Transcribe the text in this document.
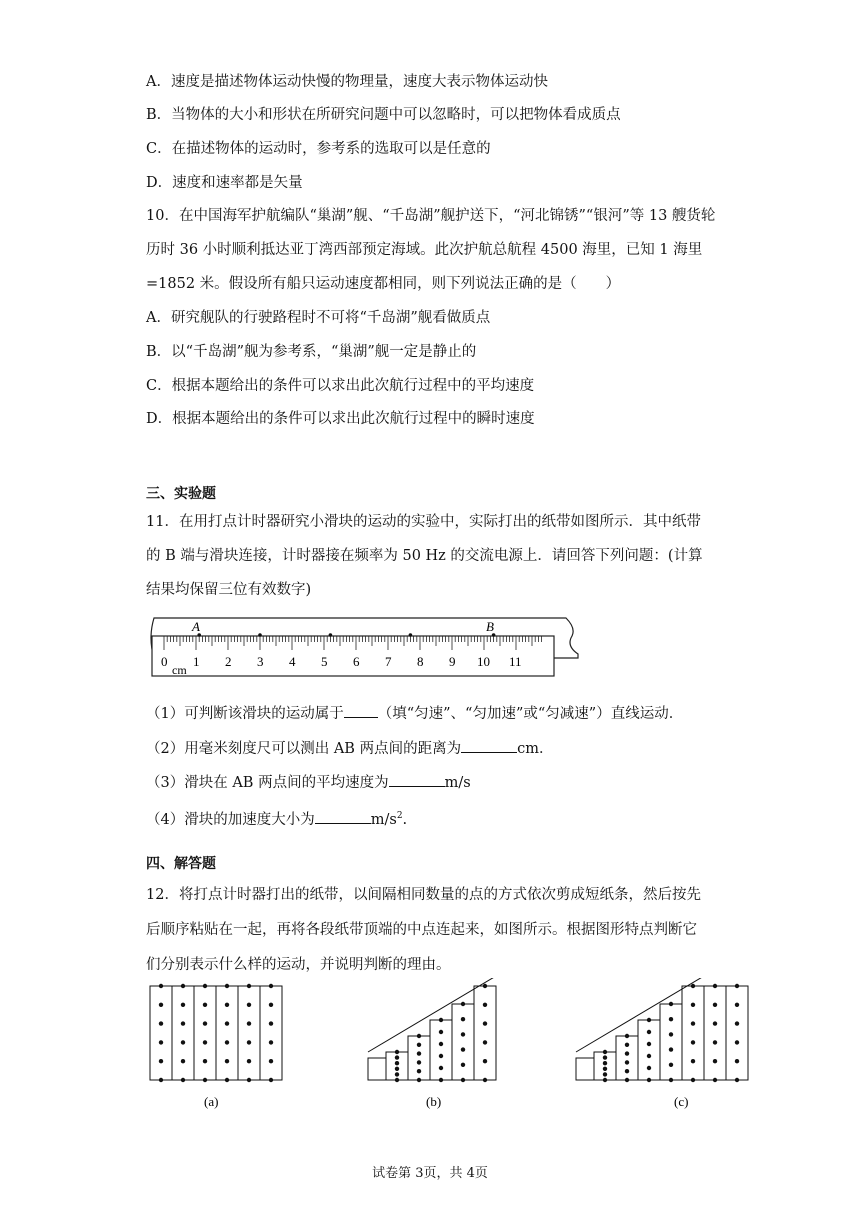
A．速度是描述物体运动快慢的物理量，速度大表示物体运动快
B．当物体的大小和形状在所研究问题中可以忽略时，可以把物体看成质点
C．在描述物体的运动时，参考系的选取可以是任意的
D．速度和速率都是矢量
10．在中国海军护航编队“巢湖”舰、“千岛湖”舰护送下，“河北锦锈”“银河”等 13 艘货轮
历时 36 小时顺利抵达亚丁湾西部预定海域。此次护航总航程 4500 海里，已知 1 海里
=1852 米。假设所有船只运动速度都相同，则下列说法正确的是（　　）
A．研究舰队的行驶路程时不可将“千岛湖”舰看做质点
B．以“千岛湖”舰为参考系，“巢湖”舰一定是静止的
C．根据本题给出的条件可以求出此次航行过程中的平均速度
D．根据本题给出的条件可以求出此次航行过程中的瞬时速度
三、实验题
11．在用打点计时器研究小滑块的运动的实验中，实际打出的纸带如图所示．其中纸带
的 B 端与滑块连接，计时器接在频率为 50 Hz 的交流电源上．请回答下列问题：(计算
结果均保留三位有效数字)
0 1 2 3 4 5 6 7 8 9 10 11
cm
A	B
（1）可判断该滑块的运动属于 （填“匀速”、“匀加速”或“匀减速”）直线运动．
（2）用毫米刻度尺可以测出 AB 两点间的距离为	cm．
（3）滑块在 AB 两点间的平均速度为	m/s
（4）滑块的加速度大小为	$m/s^2$.
四、解答题
12．将打点计时器打出的纸带，以间隔相同数量的点的方式依次剪成短纸条，然后按先
后顺序粘贴在一起，再将各段纸带顶端的中点连起来，如图所示。根据图形特点判断它
们分别表示什么样的运动，并说明判断的理由。
(a)	(b)	(c)
试卷第 3页，共 4页
